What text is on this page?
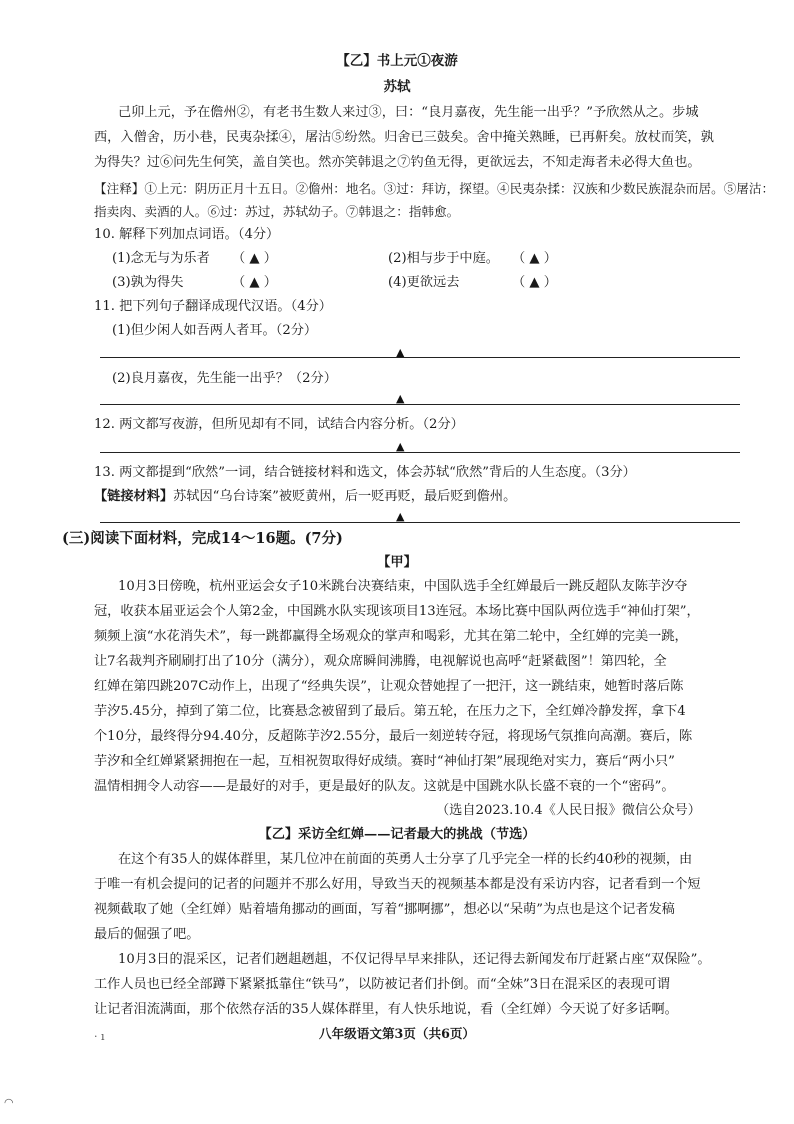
【乙】书上元①夜游
苏轼
己卯上元，予在儋州②，有老书生数人来过③，曰：“良月嘉夜，先生能一出乎？”予欣然从之。步城
西，入僧舍，历小巷，民夷杂揉④，屠沽⑤纷然。归舍已三鼓矣。舍中掩关熟睡，已再鼾矣。放杖而笑，孰
为得失？过⑥问先生何笑，盖自笑也。然亦笑韩退之⑦钓鱼无得，更欲远去，不知走海者未必得大鱼也。
【注释】①上元：阴历正月十五日。②儋州：地名。③过：拜访，探望。④民夷杂揉：汉族和少数民族混杂而居。⑤屠沽：
指卖肉、卖酒的人。⑥过：苏过，苏轼幼子。⑦韩退之：指韩愈。
10. 解释下列加点词语。（4分）
(1)念无与为乐者 （ ▲ ）	(2)相与步于中庭。 （ ▲ ）
(3)孰为得失	（ ▲ ）	(4)更欲远去	（ ▲ ）
11. 把下列句子翻译成现代汉语。（4分）
(1)但少闲人如吾两人者耳。（2分）
▲
(2)良月嘉夜，先生能一出乎？（2分）
▲
12. 两文都写夜游，但所见却有不同，试结合内容分析。（2分）
▲
13. 两文都提到“欣然”一词，结合链接材料和选文，体会苏轼“欣然”背后的人生态度。（3分）
【链接材料】苏轼因“乌台诗案”被贬黄州，后一贬再贬，最后贬到儋州。
▲
(三)阅读下面材料，完成14～16题。(7分)
【甲】
10月3日傍晚，杭州亚运会女子10米跳台决赛结束，中国队选手全红婵最后一跳反超队友陈芋汐夺
冠，收获本届亚运会个人第2金，中国跳水队实现该项目13连冠。本场比赛中国队两位选手“神仙打架”，
频频上演“水花消失术”，每一跳都赢得全场观众的掌声和喝彩，尤其在第二轮中，全红婵的完美一跳，
让7名裁判齐刷刷打出了10分（满分），观众席瞬间沸腾，电视解说也高呼“赶紧截图”！第四轮，全
红婵在第四跳207C动作上，出现了“经典失误”，让观众替她捏了一把汗，这一跳结束，她暂时落后陈
芋汐5.45分，掉到了第二位，比赛悬念被留到了最后。第五轮，在压力之下，全红婵冷静发挥，拿下4
个10分，最终得分94.40分，反超陈芋汐2.55分，最后一刻逆转夺冠，将现场气氛推向高潮。赛后，陈
芋汐和全红婵紧紧拥抱在一起，互相祝贺取得好成绩。赛时“神仙打架”展现绝对实力，赛后“两小只”
温情相拥令人动容——是最好的对手，更是最好的队友。这就是中国跳水队长盛不衰的一个“密码”。
（选自2023.10.4《人民日报》微信公众号）
【乙】采访全红婵——记者最大的挑战（节选）
在这个有35人的媒体群里，某几位冲在前面的英勇人士分享了几乎完全一样的长约40秒的视频，由
于唯一有机会提问的记者的问题并不那么好用，导致当天的视频基本都是没有采访内容，记者看到一个短
视频截取了她（全红婵）贴着墙角挪动的画面，写着“挪啊挪”，想必以“呆萌”为点也是这个记者发稿
最后的倔强了吧。
10月3日的混采区，记者们趔趄趔趄，不仅记得早早来排队，还记得去新闻发布厅赶紧占座“双保险”。
工作人员也已经全部蹲下紧紧抵靠住“铁马”，以防被记者们扑倒。而“全妹”3日在混采区的表现可谓
让记者泪流满面，那个依然存活的35人媒体群里，有人快乐地说，看（全红婵）今天说了好多话啊。
八年级语文第3页（共6页）
· ı
◠
